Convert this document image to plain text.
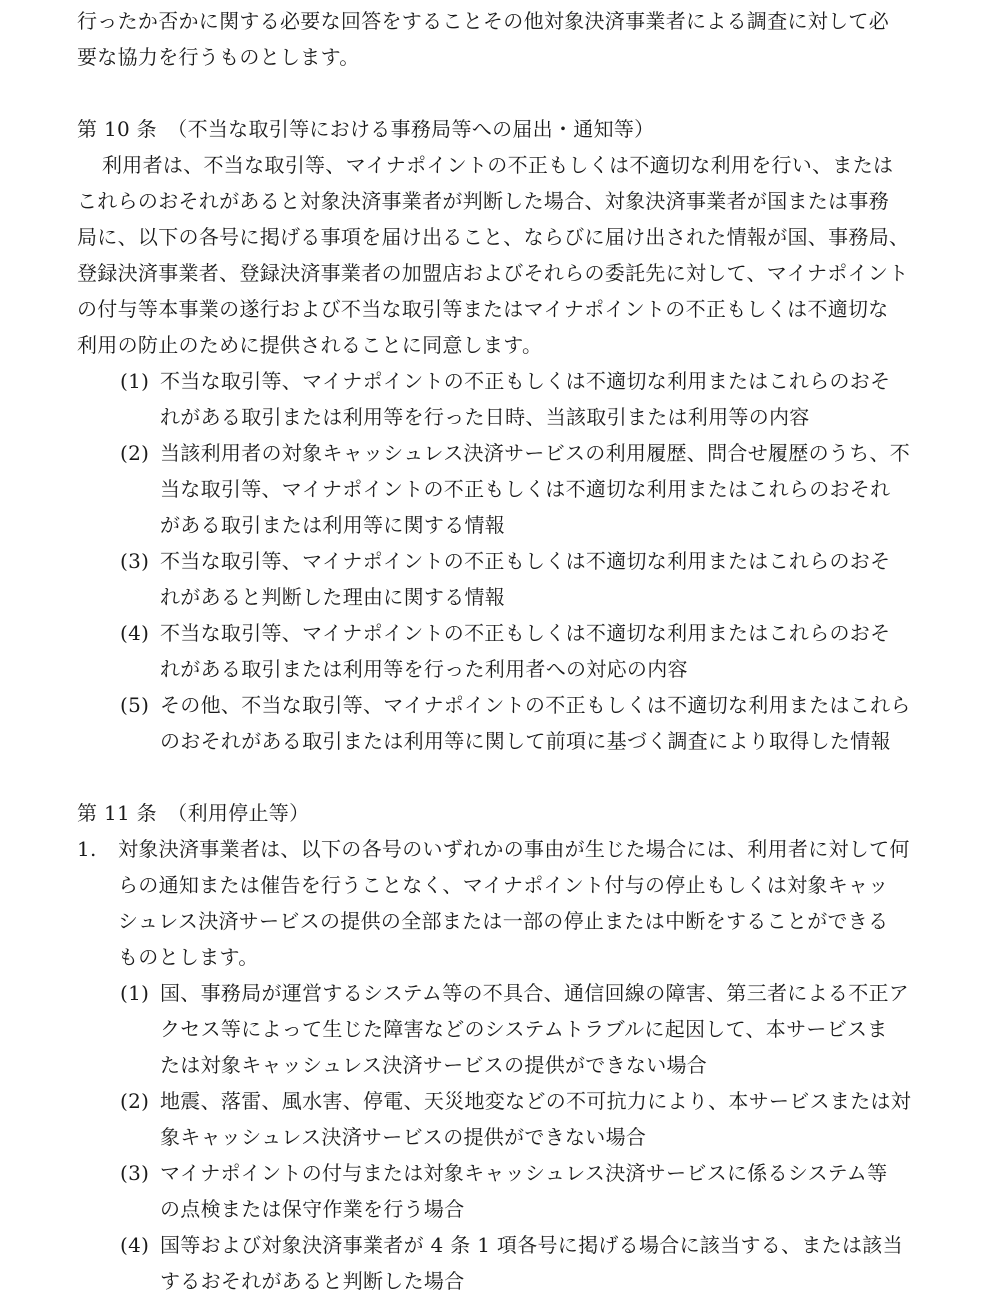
行ったか否かに関する必要な回答をすることその他対象決済事業者による調査に対して必
要な協力を行うものとします。
第 10 条　（不当な取引等における事務局等への届出・通知等）
利用者は、不当な取引等、マイナポイントの不正もしくは不適切な利用を行い、または
これらのおそれがあると対象決済事業者が判断した場合、対象決済事業者が国または事務
局に、以下の各号に掲げる事項を届け出ること、ならびに届け出された情報が国、事務局、
登録決済事業者、登録決済事業者の加盟店およびそれらの委託先に対して、マイナポイント
の付与等本事業の遂行および不当な取引等またはマイナポイントの不正もしくは不適切な
利用の防止のために提供されることに同意します。
(1) 不当な取引等、マイナポイントの不正もしくは不適切な利用またはこれらのおそ
れがある取引または利用等を行った日時、当該取引または利用等の内容
(2) 当該利用者の対象キャッシュレス決済サービスの利用履歴、問合せ履歴のうち、不
当な取引等、マイナポイントの不正もしくは不適切な利用またはこれらのおそれ
がある取引または利用等に関する情報
(3) 不当な取引等、マイナポイントの不正もしくは不適切な利用またはこれらのおそ
れがあると判断した理由に関する情報
(4) 不当な取引等、マイナポイントの不正もしくは不適切な利用またはこれらのおそ
れがある取引または利用等を行った利用者への対応の内容
(5) その他、不当な取引等、マイナポイントの不正もしくは不適切な利用またはこれら
のおそれがある取引または利用等に関して前項に基づく調査により取得した情報
第 11 条　（利用停止等）
1. 対象決済事業者は、以下の各号のいずれかの事由が生じた場合には、利用者に対して何
らの通知または催告を行うことなく、マイナポイント付与の停止もしくは対象キャッ
シュレス決済サービスの提供の全部または一部の停止または中断をすることができる
ものとします。
(1) 国、事務局が運営するシステム等の不具合、通信回線の障害、第三者による不正ア
クセス等によって生じた障害などのシステムトラブルに起因して、本サービスま
たは対象キャッシュレス決済サービスの提供ができない場合
(2) 地震、落雷、風水害、停電、天災地変などの不可抗力により、本サービスまたは対
象キャッシュレス決済サービスの提供ができない場合
(3) マイナポイントの付与または対象キャッシュレス決済サービスに係るシステム等
の点検または保守作業を行う場合
(4) 国等および対象決済事業者が 4 条 1 項各号に掲げる場合に該当する、または該当
するおそれがあると判断した場合
